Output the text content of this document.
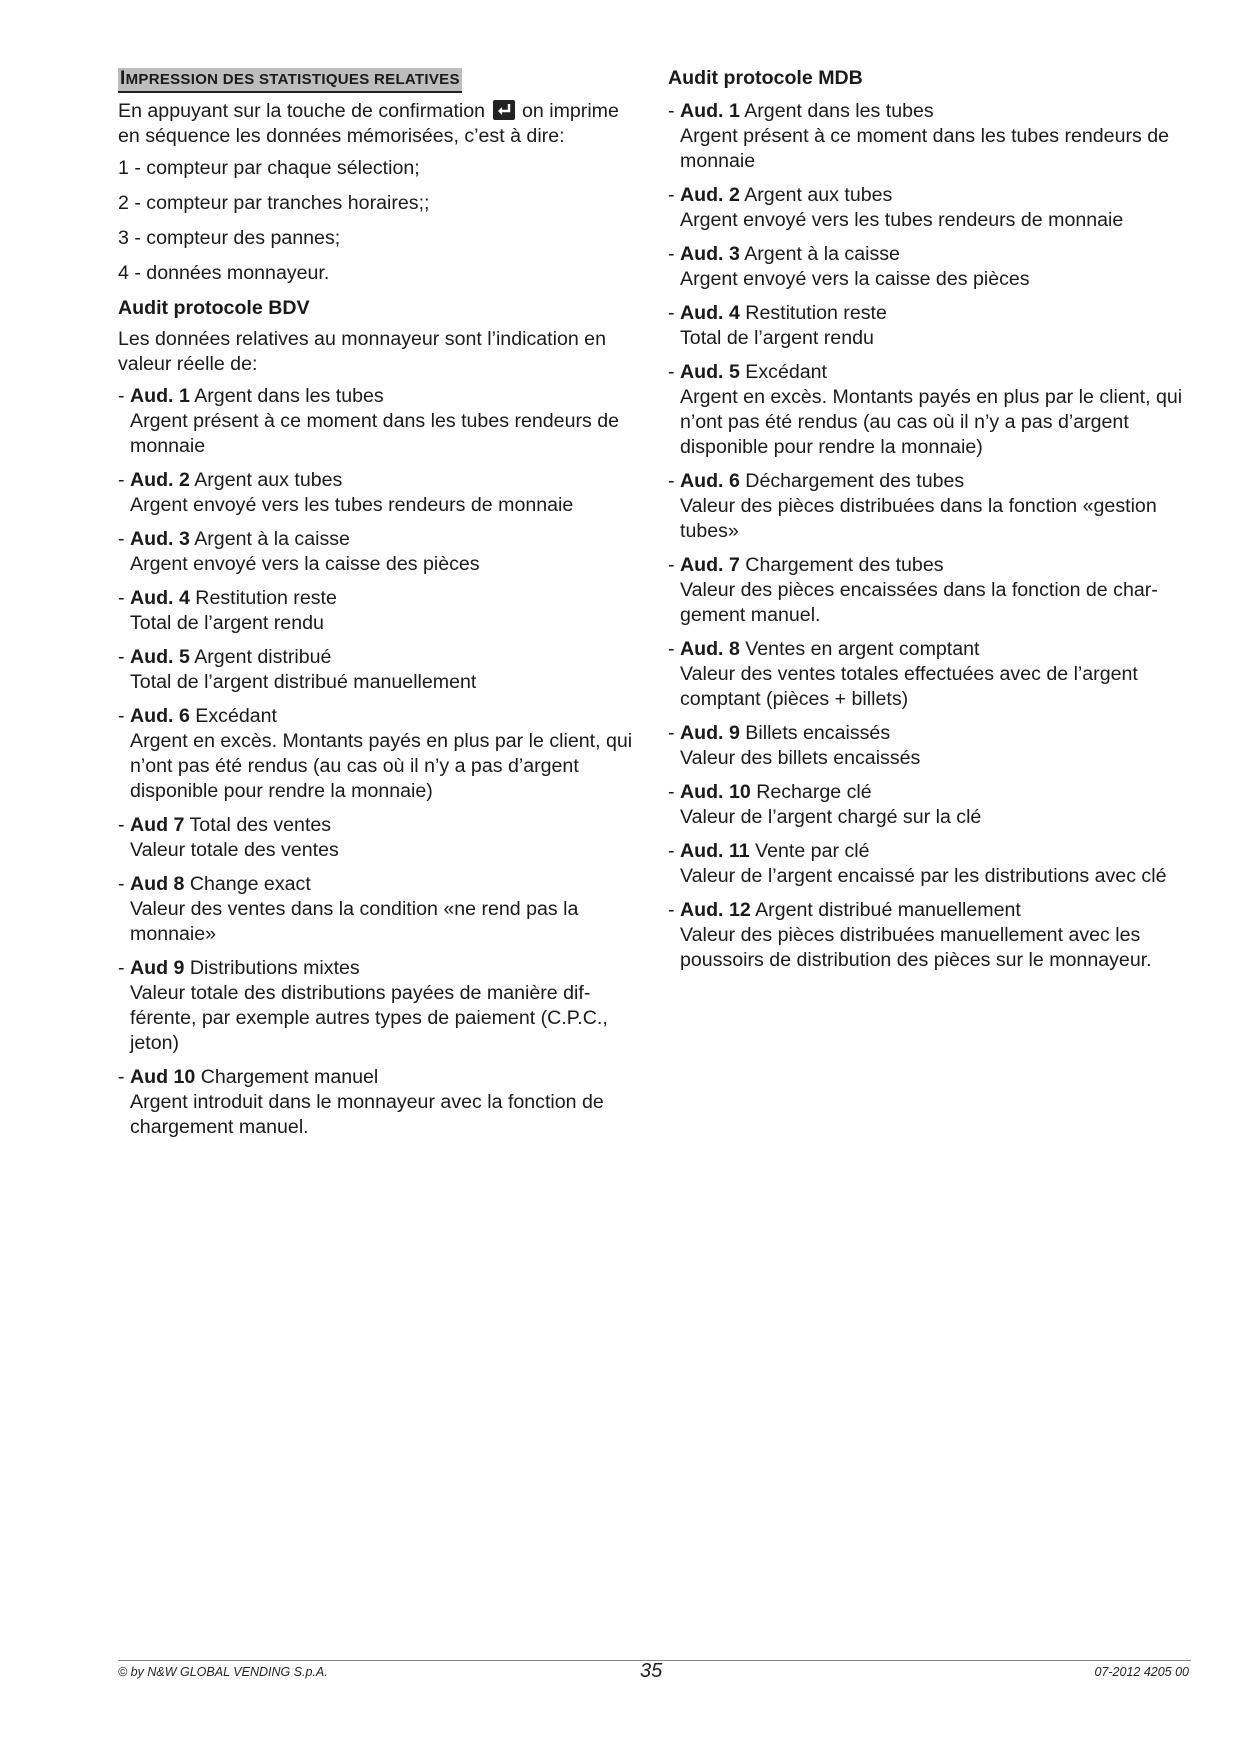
IMPRESSION DES STATISTIQUES RELATIVES

En appuyant sur la touche de confirmation on imprime en séquence les données mémorisées, c’est à dire:

1 - compteur par chaque sélection;
2 - compteur par tranches horaires;;
3 - compteur des pannes;
4 - données monnayeur.
Audit protocole BDV

Les données relatives au monnayeur sont l’indication en valeur réelle de:

- Aud. 1 Argent dans les tubes
Argent présent à ce moment dans les tubes rendeurs de monnaie
- Aud. 2 Argent aux tubes
Argent envoyé vers les tubes rendeurs de monnaie
- Aud. 3 Argent à la caisse
Argent envoyé vers la caisse des pièces
- Aud. 4 Restitution reste
Total de l’argent rendu
- Aud. 5 Argent distribué
Total de l’argent distribué manuellement
- Aud. 6 Excédant
Argent en excès. Montants payés en plus par le client, qui n’ont pas été rendus (au cas où il n’y a pas d’argent disponible pour rendre la monnaie)
- Aud 7 Total des ventes
Valeur totale des ventes
- Aud 8 Change exact
Valeur des ventes dans la condition «ne rend pas la monnaie»
- Aud 9 Distributions mixtes
Valeur totale des distributions payées de manière dif-férente, par exemple autres types de paiement (C.P.C., jeton)
- Aud 10 Chargement manuel
Argent introduit dans le monnayeur avec la fonction de chargement manuel.
Audit protocole MDB
- Aud. 1 Argent dans les tubes
Argent présent à ce moment dans les tubes rendeurs de monnaie
- Aud. 2 Argent aux tubes
Argent envoyé vers les tubes rendeurs de monnaie
- Aud. 3 Argent à la caisse
Argent envoyé vers la caisse des pièces
- Aud. 4 Restitution reste
Total de l’argent rendu
- Aud. 5 Excédant
Argent en excès. Montants payés en plus par le client, qui n’ont pas été rendus (au cas où il n’y a pas d’argent disponible pour rendre la monnaie)
- Aud. 6 Déchargement des tubes
Valeur des pièces distribuées dans la fonction «gestion tubes»
- Aud. 7 Chargement des tubes
Valeur des pièces encaissées dans la fonction de char-gement manuel.
- Aud. 8 Ventes en argent comptant
Valeur des ventes totales effectuées avec de l’argent comptant (pièces + billets)
- Aud. 9 Billets encaissés
Valeur des billets encaissés
- Aud. 10 Recharge clé
Valeur de l’argent chargé sur la clé
- Aud. 11 Vente par clé
Valeur de l’argent encaissé par les distributions avec clé
- Aud. 12 Argent distribué manuellement
Valeur des pièces distribuées manuellement avec les poussoirs de distribution des pièces sur le monnayeur.
© by N&W GLOBAL VENDING S.p.A.	35	07-2012 4205 00
